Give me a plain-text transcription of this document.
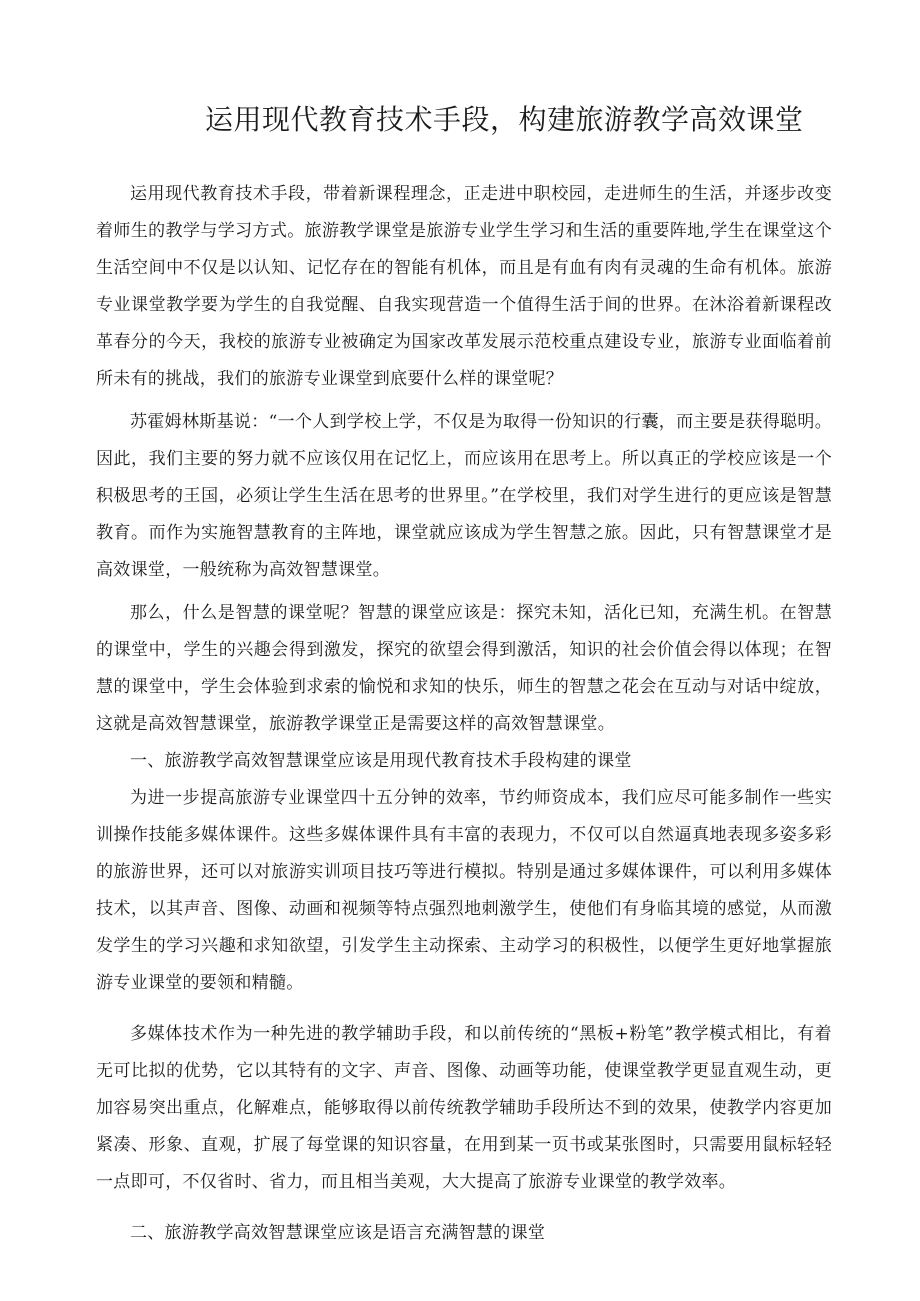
运用现代教育技术手段，构建旅游教学高效课堂

运用现代教育技术手段，带着新课程理念，正走进中职校园，走进师生的生活，并逐步改变着师生的教学与学习方式。旅游教学课堂是旅游专业学生学习和生活的重要阵地,学生在课堂这个生活空间中不仅是以认知、记忆存在的智能有机体，而且是有血有肉有灵魂的生命有机体。旅游专业课堂教学要为学生的自我觉醒、自我实现营造一个值得生活于间的世界。在沐浴着新课程改革春分的今天，我校的旅游专业被确定为国家改革发展示范校重点建设专业，旅游专业面临着前所未有的挑战，我们的旅游专业课堂到底要什么样的课堂呢？

苏霍姆林斯基说：“一个人到学校上学，不仅是为取得一份知识的行囊，而主要是获得聪明。因此，我们主要的努力就不应该仅用在记忆上，而应该用在思考上。所以真正的学校应该是一个积极思考的王国，必须让学生生活在思考的世界里。”在学校里，我们对学生进行的更应该是智慧教育。而作为实施智慧教育的主阵地，课堂就应该成为学生智慧之旅。因此，只有智慧课堂才是高效课堂，一般统称为高效智慧课堂。

那么，什么是智慧的课堂呢？智慧的课堂应该是：探究未知，活化已知，充满生机。在智慧的课堂中，学生的兴趣会得到激发，探究的欲望会得到激活，知识的社会价值会得以体现；在智慧的课堂中，学生会体验到求索的愉悦和求知的快乐，师生的智慧之花会在互动与对话中绽放，这就是高效智慧课堂，旅游教学课堂正是需要这样的高效智慧课堂。

一、旅游教学高效智慧课堂应该是用现代教育技术手段构建的课堂

为进一步提高旅游专业课堂四十五分钟的效率，节约师资成本，我们应尽可能多制作一些实训操作技能多媒体课件。这些多媒体课件具有丰富的表现力，不仅可以自然逼真地表现多姿多彩的旅游世界，还可以对旅游实训项目技巧等进行模拟。特别是通过多媒体课件，可以利用多媒体技术，以其声音、图像、动画和视频等特点强烈地刺激学生，使他们有身临其境的感觉，从而激发学生的学习兴趣和求知欲望，引发学生主动探索、主动学习的积极性，以便学生更好地掌握旅游专业课堂的要领和精髓。

多媒体技术作为一种先进的教学辅助手段，和以前传统的“黑板+粉笔”教学模式相比，有着无可比拟的优势，它以其特有的文字、声音、图像、动画等功能，使课堂教学更显直观生动，更加容易突出重点，化解难点，能够取得以前传统教学辅助手段所达不到的效果，使教学内容更加紧凑、形象、直观，扩展了每堂课的知识容量，在用到某一页书或某张图时，只需要用鼠标轻轻一点即可，不仅省时、省力，而且相当美观，大大提高了旅游专业课堂的教学效率。

二、旅游教学高效智慧课堂应该是语言充满智慧的课堂
